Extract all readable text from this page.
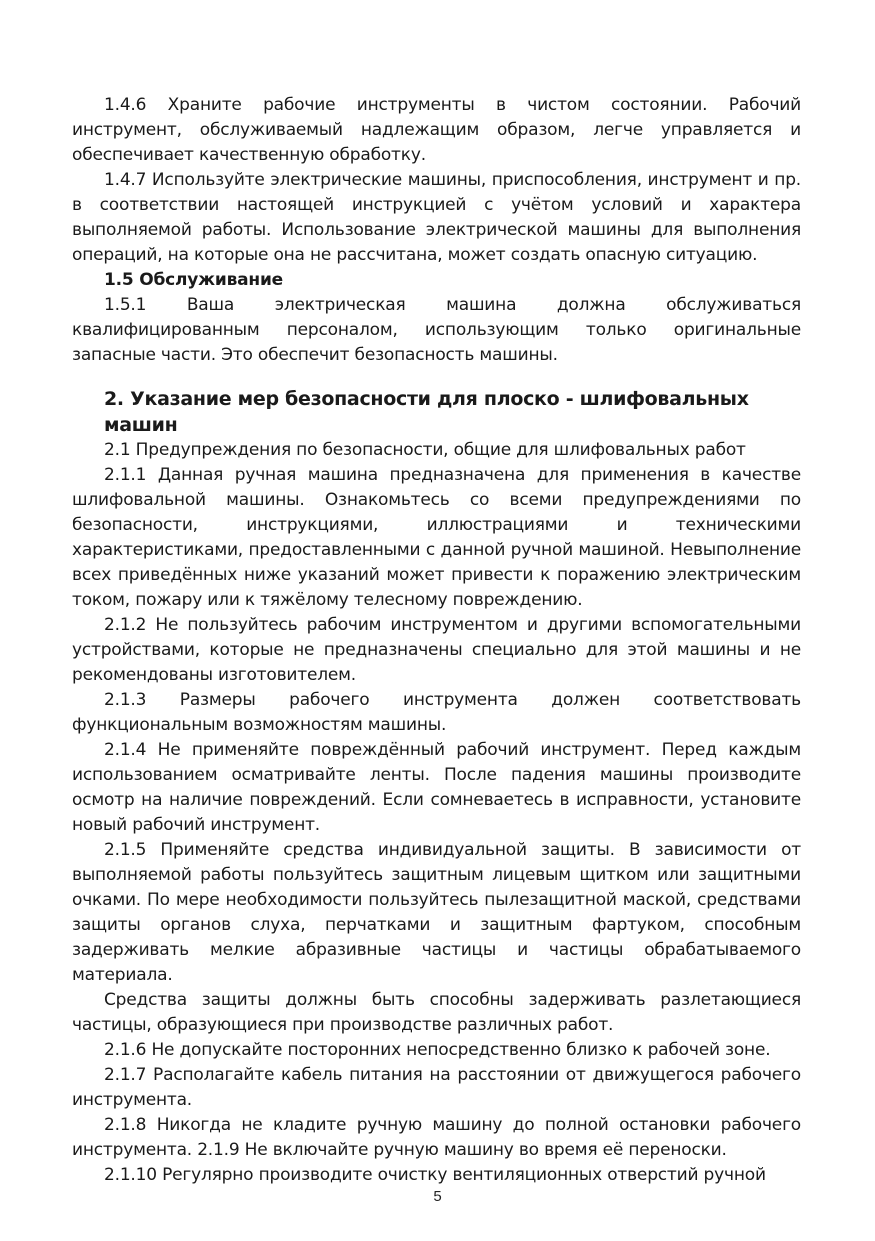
1.4.6 Храните рабочие инструменты в чистом состоянии. Рабочий инструмент, обслуживаемый надлежащим образом, легче управляется и обеспечивает качественную обработку.

1.4.7 Используйте электрические машины, приспособления, инструмент и пр. в соответствии настоящей инструкцией с учётом условий и характера выполняемой работы. Использование электрической машины для выполнения операций, на которые она не рассчитана, может создать опасную ситуацию.

1.5 Обслуживание

1.5.1 Ваша электрическая машина должна обслуживаться квалифицированным персоналом, использующим только оригинальные запасные части. Это обеспечит безопасность машины.

2. Указание мер безопасности для плоско - шлифовальных машин

2.1 Предупреждения по безопасности, общие для шлифовальных работ

2.1.1 Данная ручная машина предназначена для применения в качестве шлифовальной машины. Ознакомьтесь со всеми предупреждениями по безопасности, инструкциями, иллюстрациями и техническими характеристиками, предоставленными с данной ручной машиной. Невыполнение всех приведённых ниже указаний может привести к поражению электрическим током, пожару или к тяжёлому телесному повреждению.

2.1.2 Не пользуйтесь рабочим инструментом и другими вспомогательными устройствами, которые не предназначены специально для этой машины и не рекомендованы изготовителем.

2.1.3 Размеры рабочего инструмента должен соответствовать функциональным возможностям машины.

2.1.4 Не применяйте повреждённый рабочий инструмент. Перед каждым использованием осматривайте ленты. После падения машины производите осмотр на наличие повреждений. Если сомневаетесь в исправности, установите новый рабочий инструмент.

2.1.5 Применяйте средства индивидуальной защиты. В зависимости от выполняемой работы пользуйтесь защитным лицевым щитком или защитными очками. По мере необходимости пользуйтесь пылезащитной маской, средствами защиты органов слуха, перчатками и защитным фартуком, способным задерживать мелкие абразивные частицы и частицы обрабатываемого материала.

Средства защиты должны быть способны задерживать разлетающиеся частицы, образующиеся при производстве различных работ.

2.1.6 Не допускайте посторонних непосредственно близко к рабочей зоне.

2.1.7 Располагайте кабель питания на расстоянии от движущегося рабочего инструмента.

2.1.8 Никогда не кладите ручную машину до полной остановки рабочего инструмента. 2.1.9 Не включайте ручную машину во время её переноски.

2.1.10 Регулярно производите очистку вентиляционных отверстий ручной

5
